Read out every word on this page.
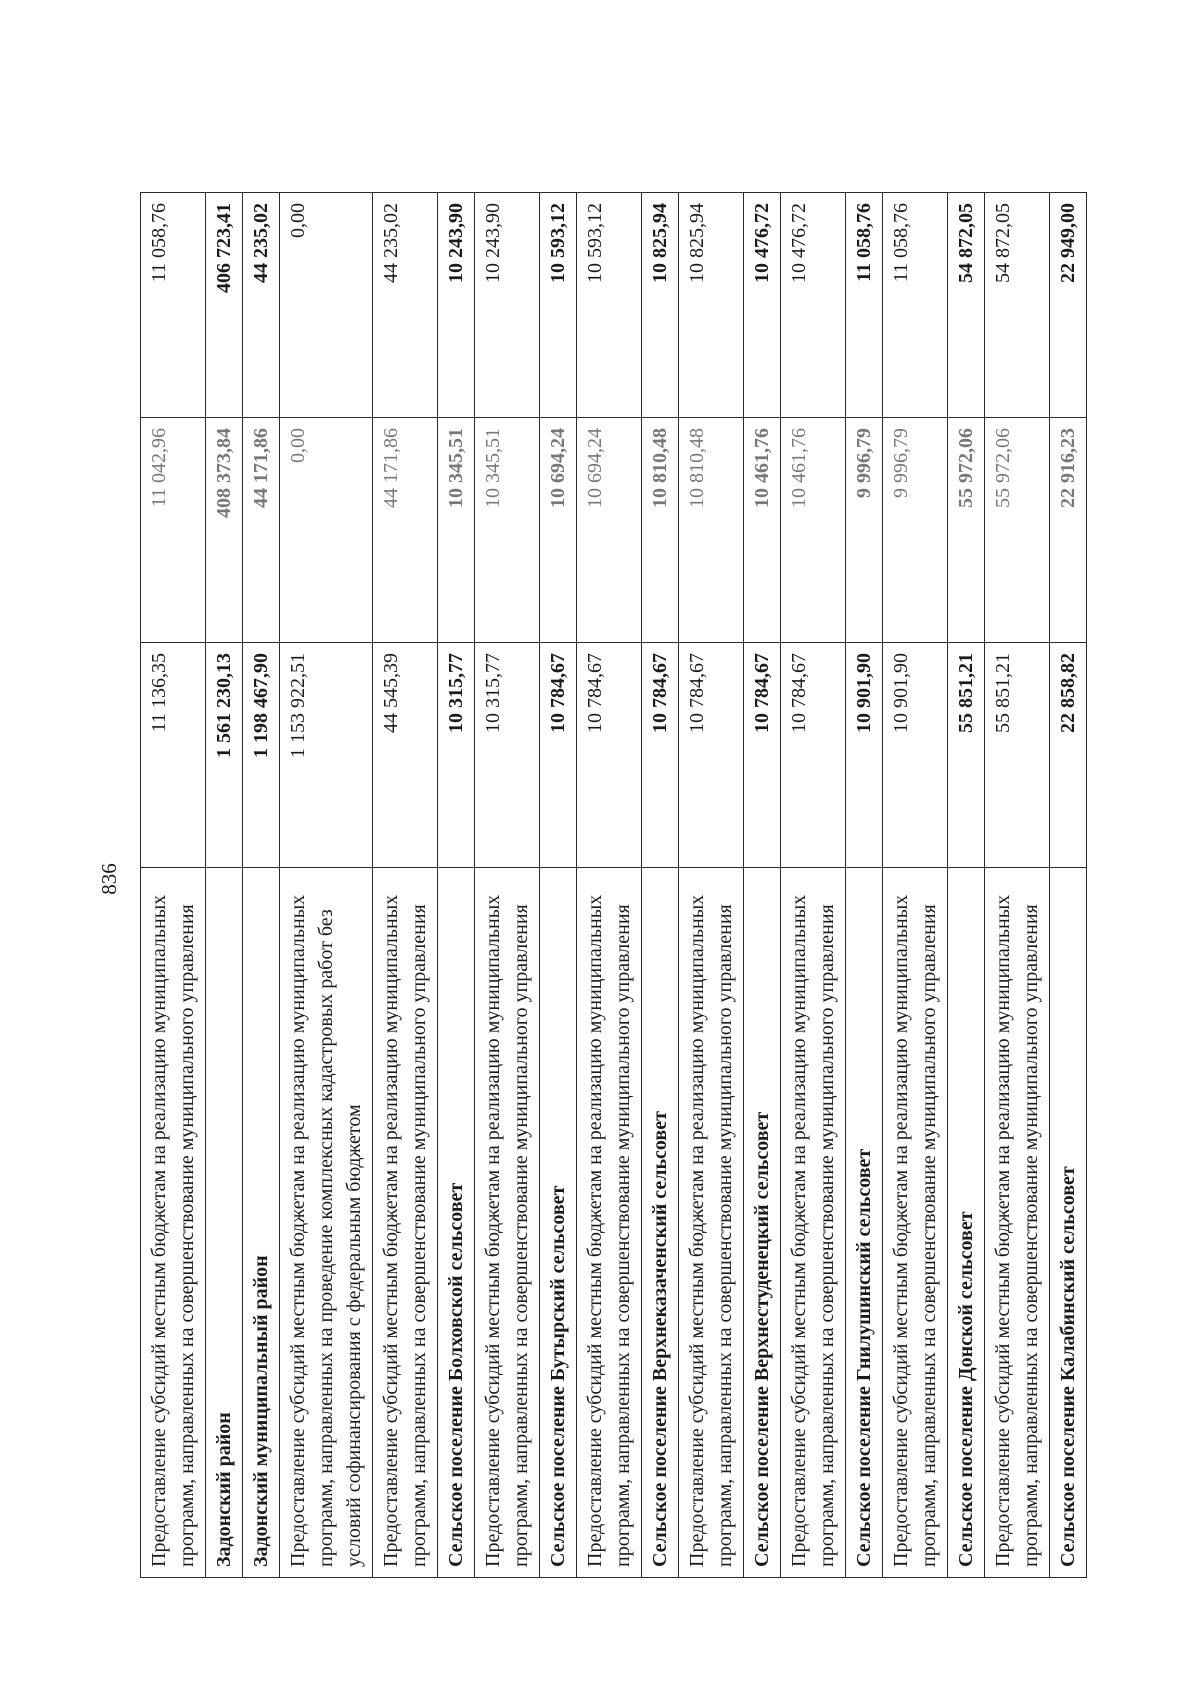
836
Предоставление субсидий местным бюджетам на реализацию муниципальных программ, направленных на совершенствование муниципального управления	11 136,35	11 042,96	11 058,76
Задонский район	1 561 230,13	408 373,84	406 723,41
Задонский муниципальный район	1 198 467,90	44 171,86	44 235,02
Предоставление субсидий местным бюджетам на реализацию муниципальных программ, направленных на проведение комплексных кадастровых работ без условий софинансирования с федеральным бюджетом	1 153 922,51	0,00	0,00
Предоставление субсидий местным бюджетам на реализацию муниципальных программ, направленных на совершенствование муниципального управления	44 545,39	44 171,86	44 235,02
Сельское поселение Болховской сельсовет	10 315,77	10 345,51	10 243,90
Предоставление субсидий местным бюджетам на реализацию муниципальных программ, направленных на совершенствование муниципального управления	10 315,77	10 345,51	10 243,90
Сельское поселение Бутырский сельсовет	10 784,67	10 694,24	10 593,12
Предоставление субсидий местным бюджетам на реализацию муниципальных программ, направленных на совершенствование муниципального управления	10 784,67	10 694,24	10 593,12
Сельское поселение Верхнеказаченский сельсовет	10 784,67	10 810,48	10 825,94
Предоставление субсидий местным бюджетам на реализацию муниципальных программ, направленных на совершенствование муниципального управления	10 784,67	10 810,48	10 825,94
Сельское поселение Верхнестуденецкий сельсовет	10 784,67	10 461,76	10 476,72
Предоставление субсидий местным бюджетам на реализацию муниципальных программ, направленных на совершенствование муниципального управления	10 784,67	10 461,76	10 476,72
Сельское поселение Гнилушинский сельсовет	10 901,90	9 996,79	11 058,76
Предоставление субсидий местным бюджетам на реализацию муниципальных программ, направленных на совершенствование муниципального управления	10 901,90	9 996,79	11 058,76
Сельское поселение Донской сельсовет	55 851,21	55 972,06	54 872,05
Предоставление субсидий местным бюджетам на реализацию муниципальных программ, направленных на совершенствование муниципального управления	55 851,21	55 972,06	54 872,05
Сельское поселение Калабинский сельсовет	22 858,82	22 916,23	22 949,00
